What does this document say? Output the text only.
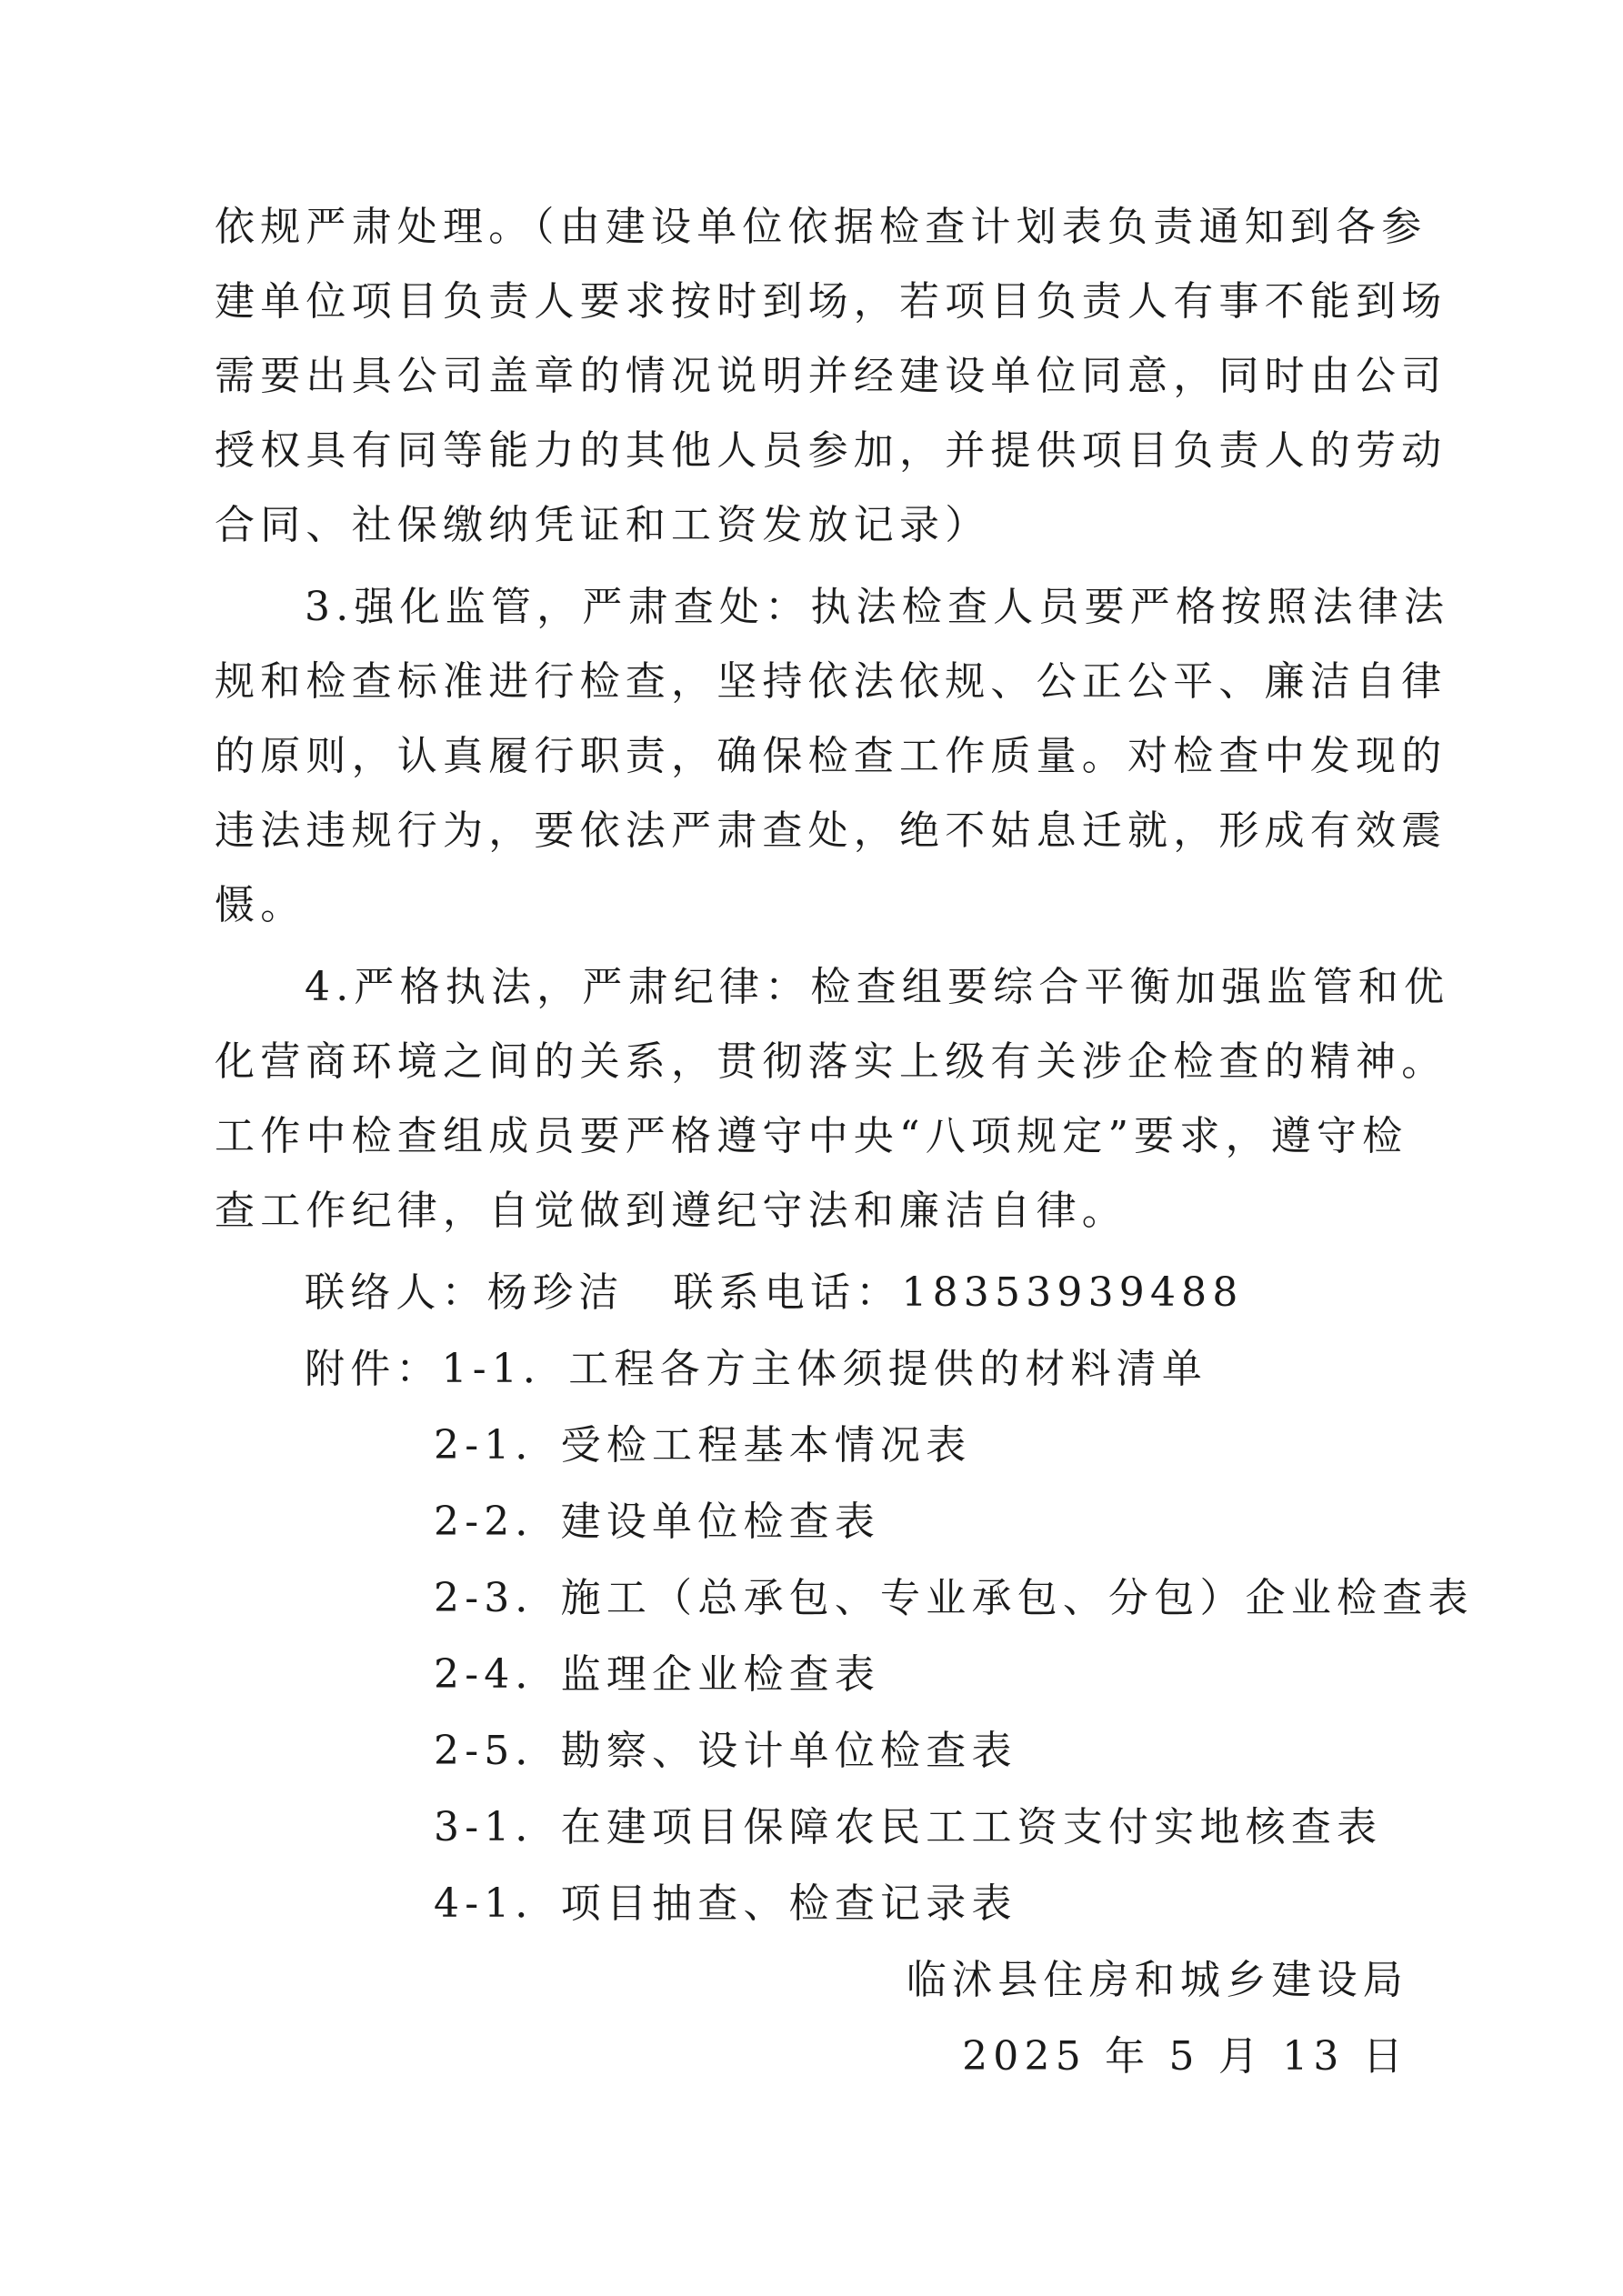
依规严肃处理。（由建设单位依据检查计划表负责通知到各参
建单位项目负责人要求按时到场，若项目负责人有事不能到场
需要出具公司盖章的情况说明并经建设单位同意，同时由公司
授权具有同等能力的其他人员参加，并提供项目负责人的劳动
合同、社保缴纳凭证和工资发放记录）
3.强化监管，严肃查处：执法检查人员要严格按照法律法
规和检查标准进行检查，坚持依法依规、公正公平、廉洁自律
的原则，认真履行职责，确保检查工作质量。对检查中发现的
违法违规行为，要依法严肃查处，绝不姑息迁就，形成有效震
慑。
4.严格执法，严肃纪律：检查组要综合平衡加强监管和优
化营商环境之间的关系，贯彻落实上级有关涉企检查的精神。
工作中检查组成员要严格遵守中央“八项规定”要求，遵守检
查工作纪律，自觉做到遵纪守法和廉洁自律。
联络人：杨珍洁 联系电话：18353939488
附件：1-1．工程各方主体须提供的材料清单
2-1．受检工程基本情况表
2-2．建设单位检查表
2-3．施工（总承包、专业承包、分包）企业检查表
2-4．监理企业检查表
2-5．勘察、设计单位检查表
3-1．在建项目保障农民工工资支付实地核查表
4-1．项目抽查、检查记录表
临沭县住房和城乡建设局
2025 年 5 月 13 日
